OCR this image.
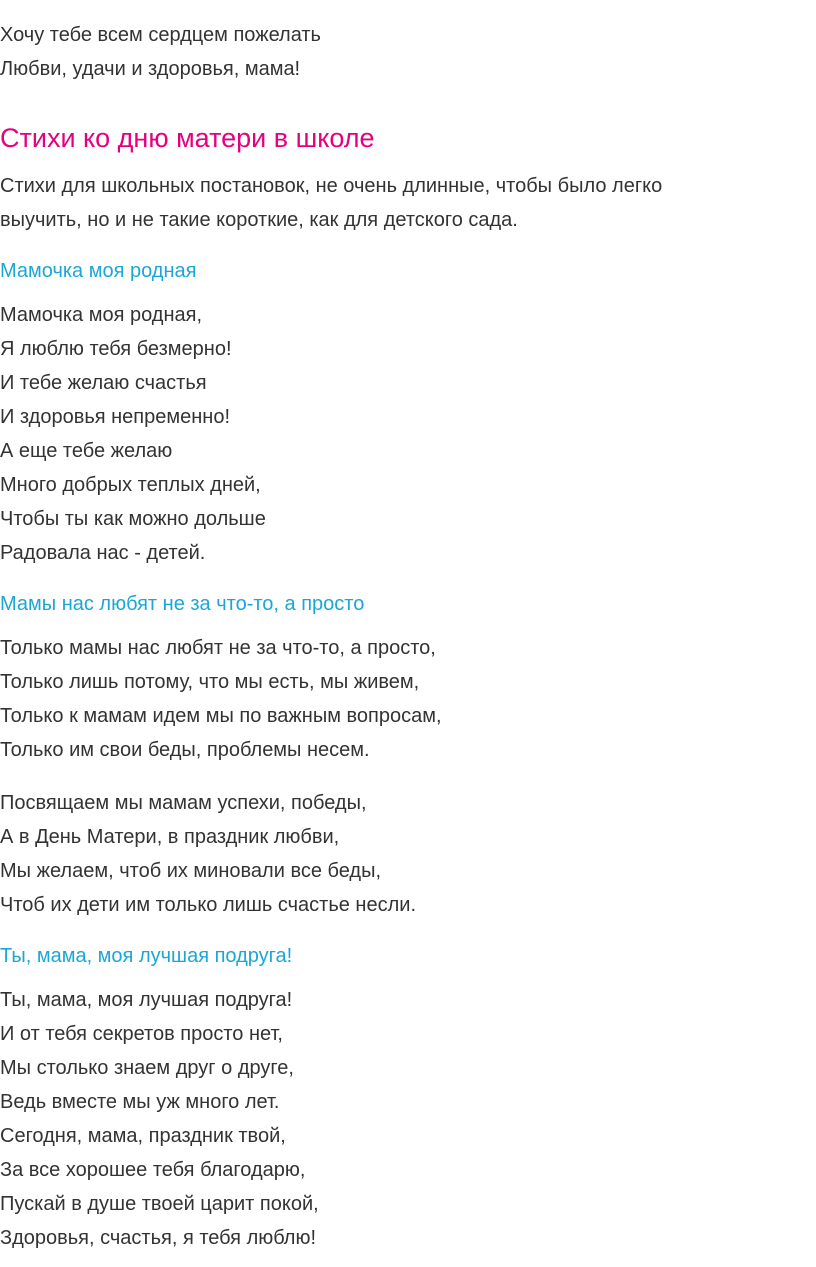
Хочу тебе всем сердцем пожелать

Любви, удачи и здоровья, мама!

Стихи ко дню матери в школе

Стихи для школьных постановок, не очень длинные, чтобы было легко

выучить, но и не такие короткие, как для детского сада.

Мамочка моя родная

Мамочка моя родная,

Я люблю тебя безмерно!

И тебе желаю счастья

И здоровья непременно!

А еще тебе желаю

Много добрых теплых дней,

Чтобы ты как можно дольше

Радовала нас - детей.

Мамы нас любят не за что-то, а просто

Только мамы нас любят не за что-то, а просто,

Только лишь потому, что мы есть, мы живем,

Только к мамам идем мы по важным вопросам,

Только им свои беды, проблемы несем.

Посвящаем мы мамам успехи, победы,

А в День Матери, в праздник любви,

Мы желаем, чтоб их миновали все беды,

Чтоб их дети им только лишь счастье несли.

Ты, мама, моя лучшая подруга!

Ты, мама, моя лучшая подруга!

И от тебя секретов просто нет,

Мы столько знаем друг о друге,

Ведь вместе мы уж много лет.

Сегодня, мама, праздник твой,

За все хорошее тебя благодарю,

Пускай в душе твоей царит покой,

Здоровья, счастья, я тебя люблю!
